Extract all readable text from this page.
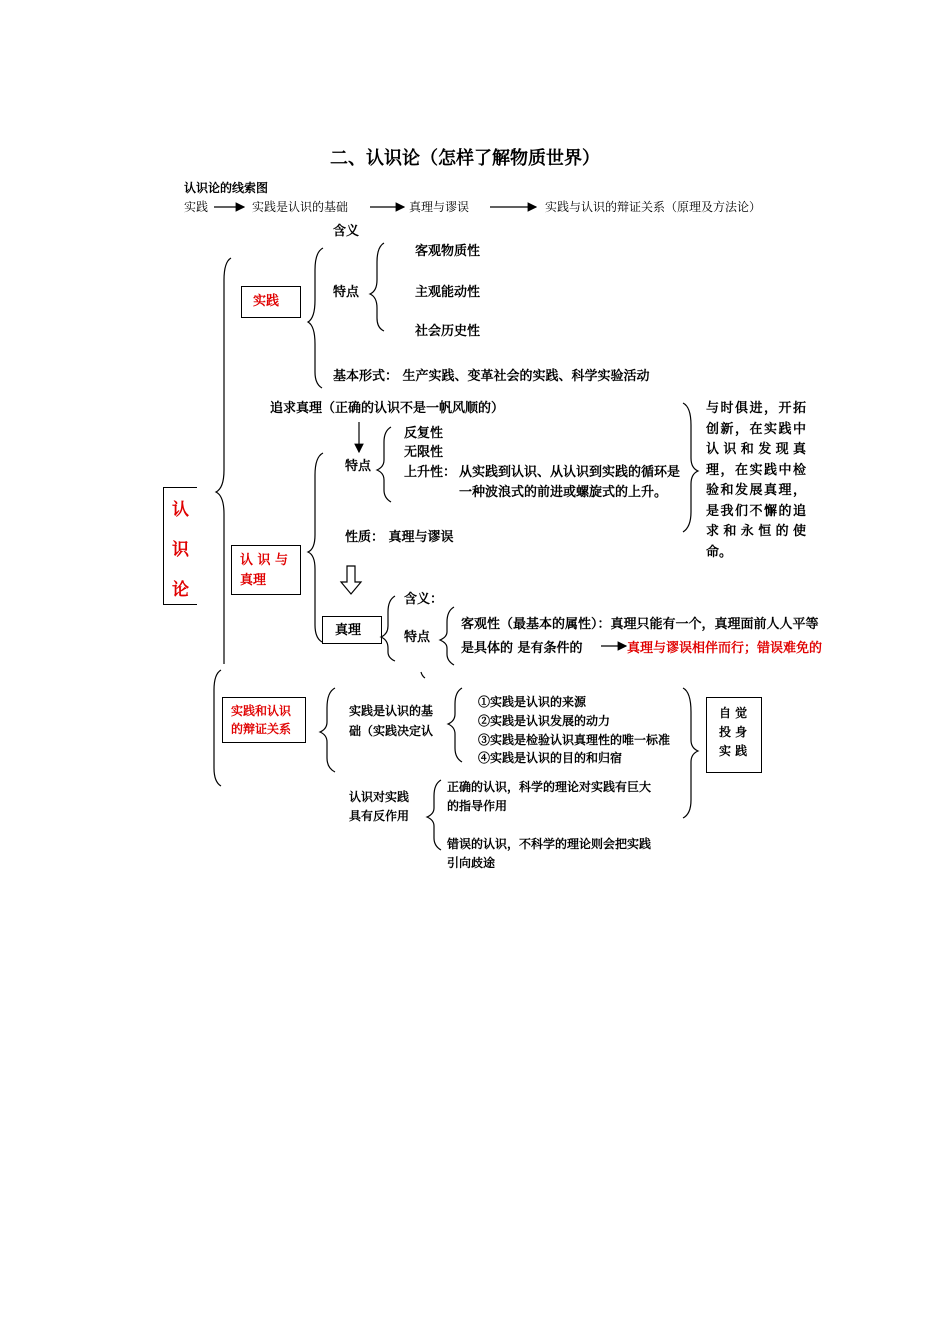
二、认识论（怎样了解物质世界）
认识论的线索图
实践	实践是认识的基础	真理与谬误	实践与认识的辩证关系（原理及方法论）
认
识
论
实践
含义
特点
客观物质性
主观能动性
社会历史性
基本形式： 生产实践、变革社会的实践、科学实验活动
追求真理（正确的认识不是一帆风顺的）
特点
反复性
无限性
上升性： 从实践到认识、从认识到实践的循环是
一种波浪式的前进或螺旋式的上升。
性质： 真理与谬误
与时俱进，开拓创新，在实践中认识和发现真理，在实践中检验和发展真理，是我们不懈的追求和永恒的使命。
认 识 与
真理
真理
含义：
特点
客观性（最基本的属性）：真理只能有一个，真理面前人人平等
是具体的 是有条件的	真理与谬误相伴而行；错误难免的
实践和认识
的辩证关系
实践是认识的基
础（实践决定认
①实践是认识的来源
②实践是认识发展的动力
③实践是检验认识真理性的唯一标准
④实践是认识的目的和归宿
认识对实践
具有反作用
正确的认识，科学的理论对实践有巨大
的指导作用
错误的认识，不科学的理论则会把实践
引向歧途
自 觉
投 身
实 践
